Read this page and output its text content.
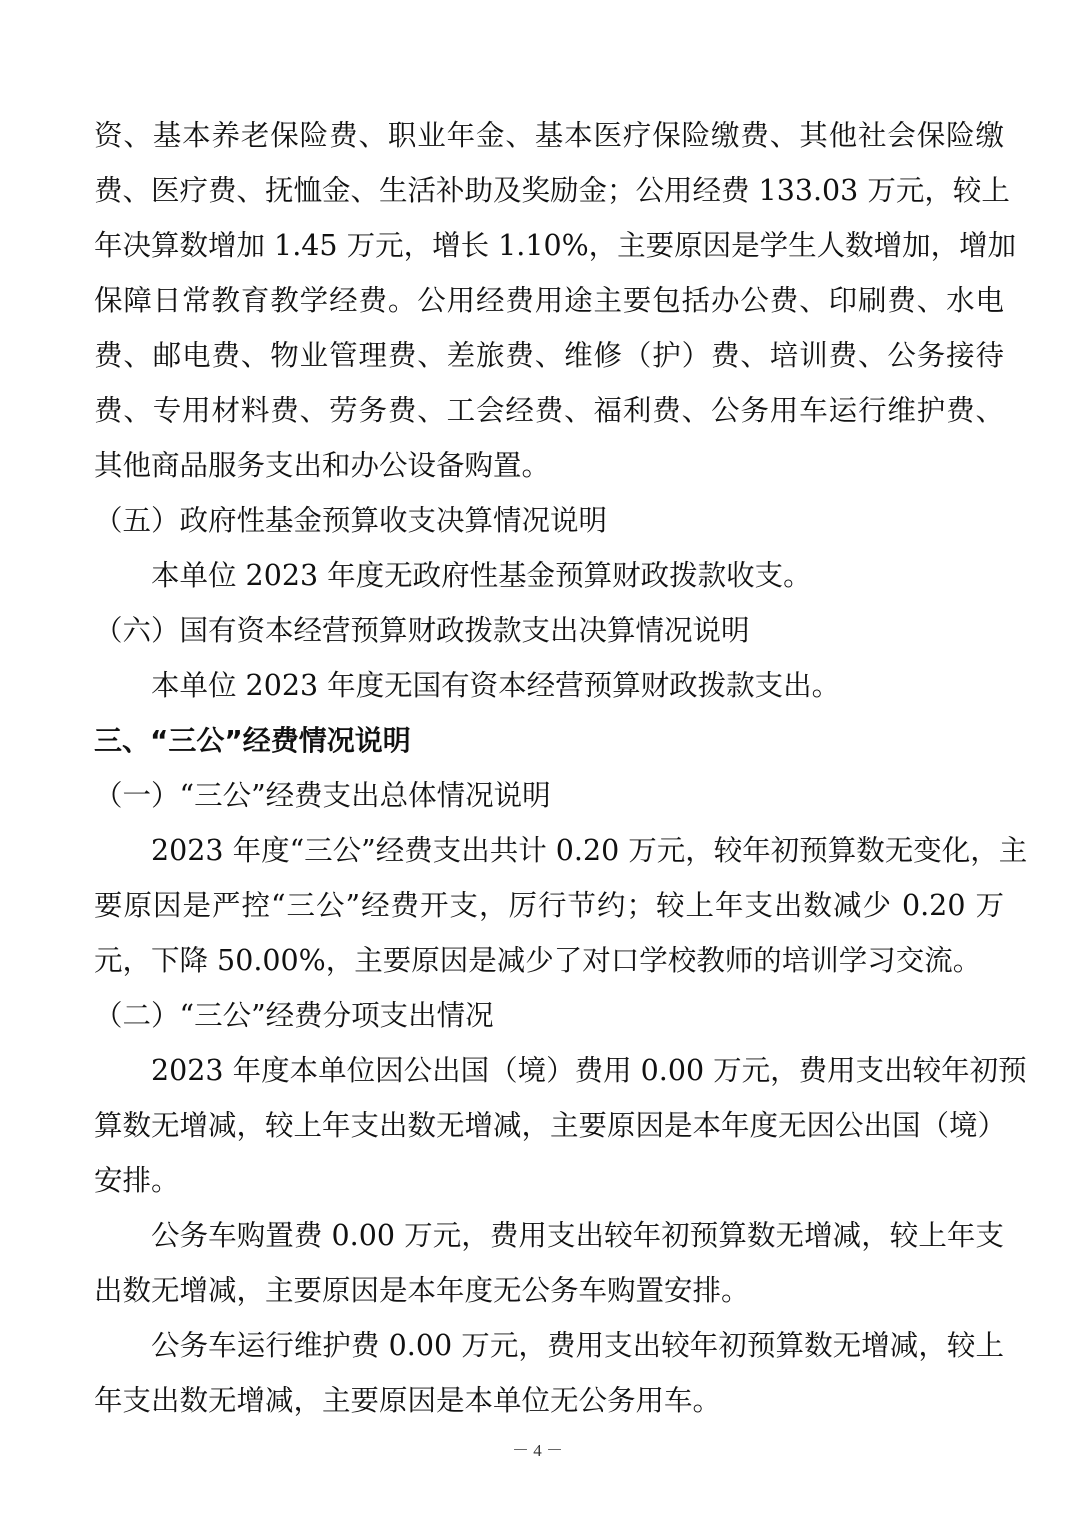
资、基本养老保险费、职业年金、基本医疗保险缴费、其他社会保险缴
费、医疗费、抚恤金、生活补助及奖励金；公用经费 133.03 万元，较上
年决算数增加 1.45 万元，增长 1.10%，主要原因是学生人数增加，增加
保障日常教育教学经费。公用经费用途主要包括办公费、印刷费、水电
费、邮电费、物业管理费、差旅费、维修（护）费、培训费、公务接待
费、专用材料费、劳务费、工会经费、福利费、公务用车运行维护费、
其他商品服务支出和办公设备购置。
（五）政府性基金预算收支决算情况说明
本单位 2023 年度无政府性基金预算财政拨款收支。
（六）国有资本经营预算财政拨款支出决算情况说明
本单位 2023 年度无国有资本经营预算财政拨款支出。
三、“三公”经费情况说明
（一）“三公”经费支出总体情况说明
2023 年度“三公”经费支出共计 0.20 万元，较年初预算数无变化，主
要原因是严控“三公”经费开支，厉行节约；较上年支出数减少 0.20 万
元，下降 50.00%，主要原因是减少了对口学校教师的培训学习交流。
（二）“三公”经费分项支出情况
2023 年度本单位因公出国（境）费用 0.00 万元，费用支出较年初预
算数无增减，较上年支出数无增减，主要原因是本年度无因公出国（境）
安排。
公务车购置费 0.00 万元，费用支出较年初预算数无增减，较上年支
出数无增减，主要原因是本年度无公务车购置安排。
公务车运行维护费 0.00 万元，费用支出较年初预算数无增减，较上
年支出数无增减，主要原因是本单位无公务用车。
－ 4 －
